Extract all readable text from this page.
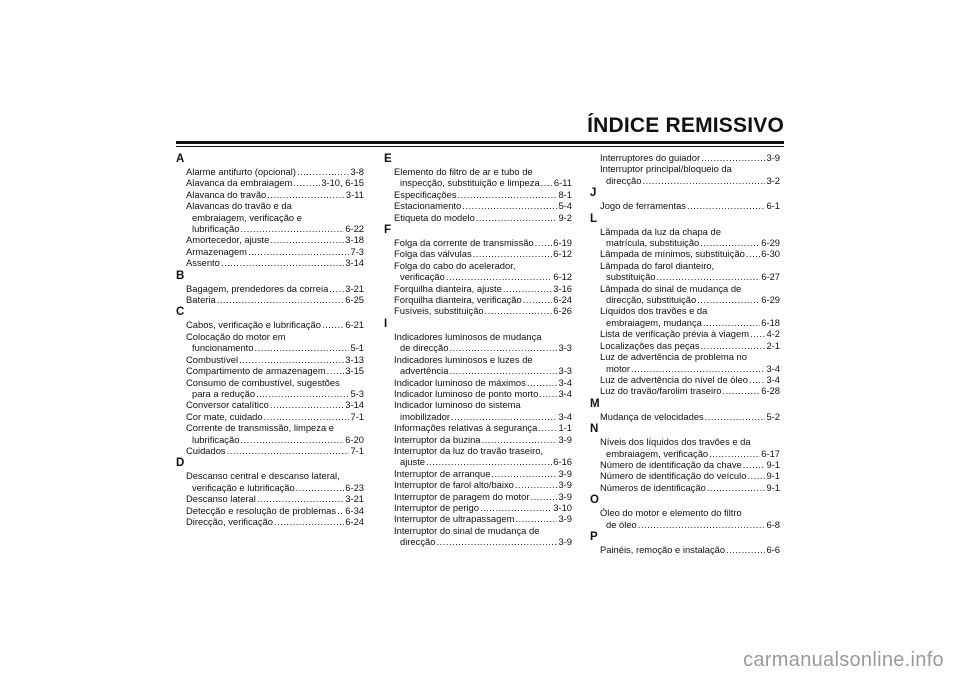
ÍNDICE REMISSIVO
A
Alarme antifurto (opcional) .....	3-8
Alavanca da embraiagem .....	3-10, 6-15
Alavanca do travão .....	3-11
Alavancas do travão e da
embraiagem, verificação e
lubrificação .....	6-22
Amortecedor, ajuste .....	3-18
Armazenagem .....	7-3
Assento .....	3-14
B
Bagagem, prendedores da correia ..... 3-21
Bateria .....	6-25
C
Cabos, verificação e lubrificação .....	6-21
Colocação do motor em
funcionamento .....	5-1
Combustível .....	3-13
Compartimento de armazenagem ..... 3-15
Consumo de combustível, sugestões
para a redução .....	5-3
Conversor catalítico .....	3-14
Cor mate, cuidado .....	7-1
Corrente de transmissão, limpeza e
lubrificação .....	6-20
Cuidados .....	7-1
D
Descanso central e descanso lateral,
verificação e lubrificação .....	6-23
Descanso lateral .....	3-21
Detecção e resolução de problemas ..... 6-34
Direcção, verificação .....	6-24
E
Elemento do filtro de ar e tubo de
inspecção, substituição e limpeza ..... 6-11
Especificações .....	8-1
Estacionamento .....	5-4
Etiqueta do modelo .....	9-2
F
Folga da corrente de transmissão ..... 6-19
Folga das válvulas .....	6-12
Folga do cabo do acelerador,
verificação .....	6-12
Forquilha dianteira, ajuste .....	3-16
Forquilha dianteira, verificação .....	6-24
Fusíveis, substituição .....	6-26
I
Indicadores luminosos de mudança
de direcção .....	3-3
Indicadores luminosos e luzes de
advertência .....	3-3
Indicador luminoso de máximos .....	3-4
Indicador luminoso de ponto morto ..... 3-4
Indicador luminoso do sistema
imobilizador .....	3-4
Informações relativas à segurança ..... 1-1
Interruptor da buzina .....	3-9
Interruptor da luz do travão traseiro,
ajuste .....	6-16
Interruptor de arranque .....	3-9
Interruptor de farol alto/baixo .....	3-9
Interruptor de paragem do motor .....	3-9
Interruptor de perigo .....	3-10
Interruptor de ultrapassagem .....	3-9
Interruptor do sinal de mudança de
direcção .....	3-9
Interruptores do guiador .....	3-9
Interruptor principal/bloqueio da
direcção .....	3-2
J
Jogo de ferramentas .....	6-1
L
Lâmpada da luz da chapa de
matrícula, substituição .....	6-29
Lâmpada de mínimos, substituição ..... 6-30
Lâmpada do farol dianteiro,
substituição .....	6-27
Lâmpada do sinal de mudança de
direcção, substituição .....	6-29
Líquidos dos travões e da
embraiagem, mudança .....	6-18
Lista de verificação prévia à viagem ..... 4-2
Localizações das peças .....	2-1
Luz de advertência de problema no
motor .....	3-4
Luz de advertência do nível de óleo ..... 3-4
Luz do travão/farolim traseiro .....	6-28
M
Mudança de velocidades .....	5-2
N
Níveis dos líquidos dos travões e da
embraiagem, verificação .....	6-17
Número de identificação da chave .....	9-1
Número de identificação do veículo ..... 9-1
Números de identificação .....	9-1
O
Óleo do motor e elemento do filtro
de óleo .....	6-8
P
Painéis, remoção e instalação .....	6-6
carmanualsonline.info
